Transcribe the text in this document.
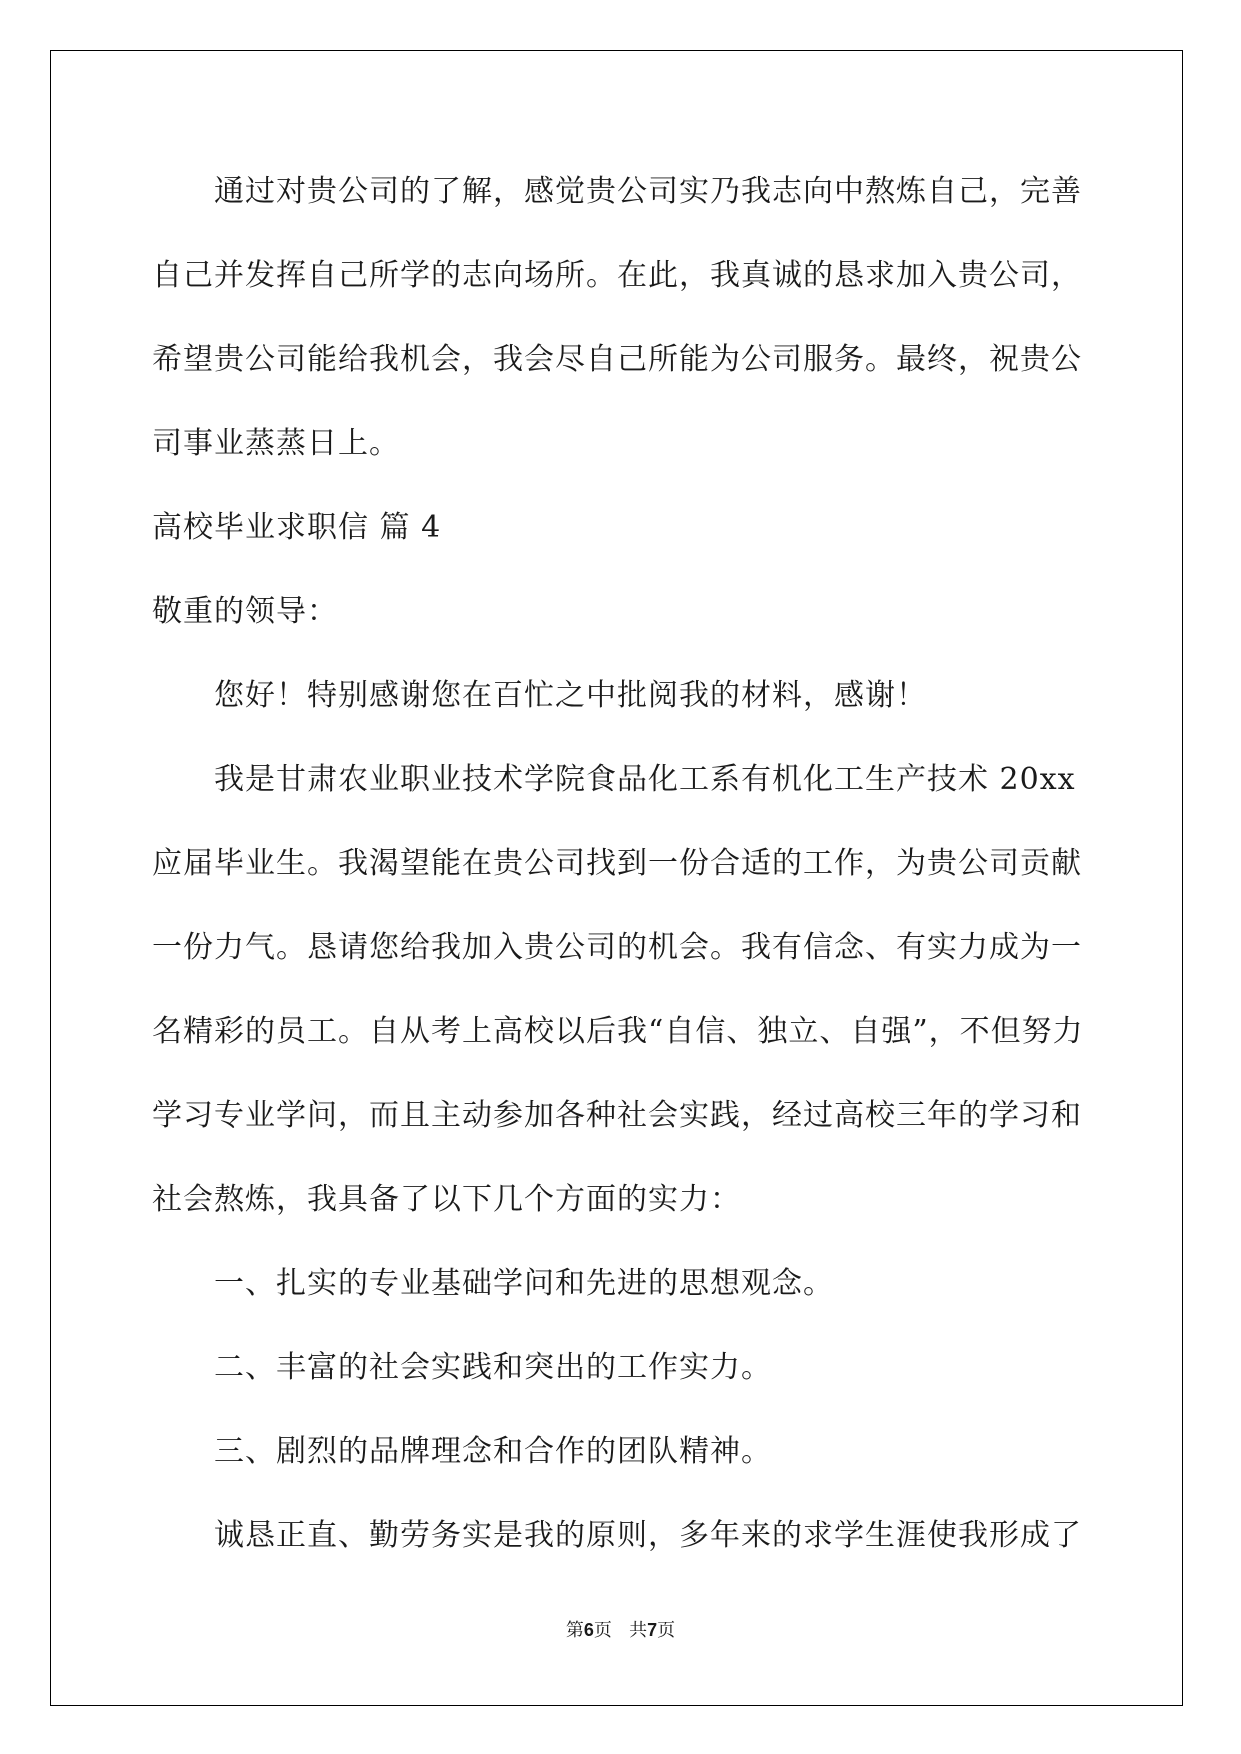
通过对贵公司的了解，感觉贵公司实乃我志向中熬炼自己，完善
自己并发挥自己所学的志向场所。在此，我真诚的恳求加入贵公司，
希望贵公司能给我机会，我会尽自己所能为公司服务。最终，祝贵公
司事业蒸蒸日上。
高校毕业求职信 篇 4
敬重的领导：
您好！特别感谢您在百忙之中批阅我的材料，感谢！
我是甘肃农业职业技术学院食品化工系有机化工生产技术 20xx
应届毕业生。我渴望能在贵公司找到一份合适的工作，为贵公司贡献
一份力气。恳请您给我加入贵公司的机会。我有信念、有实力成为一
名精彩的员工。自从考上高校以后我“自信、独立、自强”，不但努力
学习专业学问，而且主动参加各种社会实践，经过高校三年的学习和
社会熬炼，我具备了以下几个方面的实力：
一、扎实的专业基础学问和先进的思想观念。
二、丰富的社会实践和突出的工作实力。
三、剧烈的品牌理念和合作的团队精神。
诚恳正直、勤劳务实是我的原则，多年来的求学生涯使我形成了
第6页 共7页
